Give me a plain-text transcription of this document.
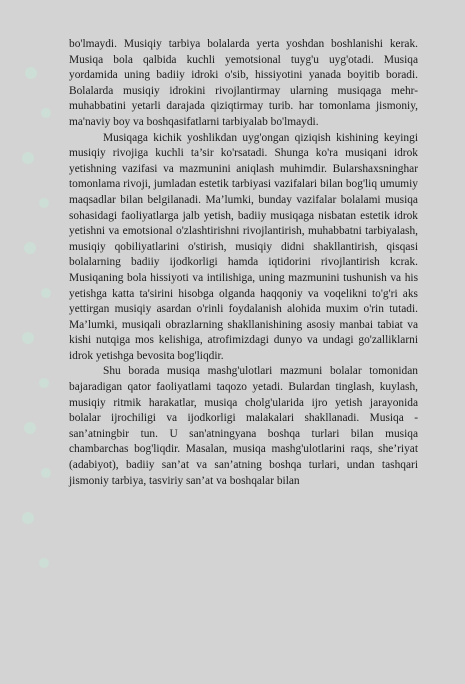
bo'lmaydi. Musiqiy tarbiya bolalarda yerta yoshdan boshlanishi kerak. Musiqa bola qalbida kuchli yemotsional tuyg'u uyg'otadi. Musiqa yordamida uning badiiy idroki o'sib, hissiyotini yanada boyitib boradi. Bolalarda musiqiy idrokini rivojlantirmay ularning musiqaga mehr- muhabbatini yetarli darajada qiziqtirmay turib. har tomonlama jismoniy, ma'naviy boy va boshqasifatlarni tarbiyalab bo'lmaydi.

Musiqaga kichik yoshlikdan uyg'ongan qiziqish kishining keyingi musiqiy rivojiga kuchli ta’sir ko'rsatadi. Shunga ko'ra musiqani idrok yetishning vazifasi va mazmunini aniqlash muhimdir. Bularshaxsninghar tomonlama rivoji, jumladan estetik tarbiyasi vazifalari bilan bog'liq umumiy maqsadlar bilan belgilanadi. Ma’lumki, bunday vazifalar bolalami musiqa sohasidagi faoliyatlarga jalb yetish, badiiy musiqaga nisbatan estetik idrok yetishni va emotsional o'zlashtirishni rivojlantirish, muhabbatni tarbiyalash, musiqiy qobiliyatlarini o'stirish, musiqiy didni shakllantirish, qisqasi bolalarning badiiy ijodkorligi hamda iqtidorini rivojlantirish kcrak. Musiqaning bola hissiyoti va intilishiga, uning mazmunini tushunish va his yetishga katta ta'sirini hisobga olganda haqqoniy va voqelikni to'g'ri aks yettirgan musiqiy asardan o'rinli foydalanish alohida muxim o'rin tutadi. Ma’lumki, musiqali obrazlarning shakllanishining asosiy manbai tabiat va kishi nutqiga mos kelishiga, atrofimizdagi dunyo va undagi go'zalliklarni idrok yetishga bevosita bog'liqdir.

Shu borada musiqa mashg'ulotlari mazmuni bolalar tomonidan bajaradigan qator faoliyatlami taqozo yetadi. Bulardan tinglash, kuylash, musiqiy ritmik harakatlar, musiqa cholg'ularida ijro yetish jarayonida bolalar ijrochiligi va ijodkorligi malakalari shakllanadi. Musiqa - san’atningbir tun. U san'atningyana boshqa turlari bilan musiqa chambarchas bog'liqdir. Masalan, musiqa mashg'ulotlarini raqs, she’riyat (adabiyot), badiiy san’at va san’atning boshqa turlari, undan tashqari jismoniy tarbiya, tasviriy san’at va boshqalar bilan
